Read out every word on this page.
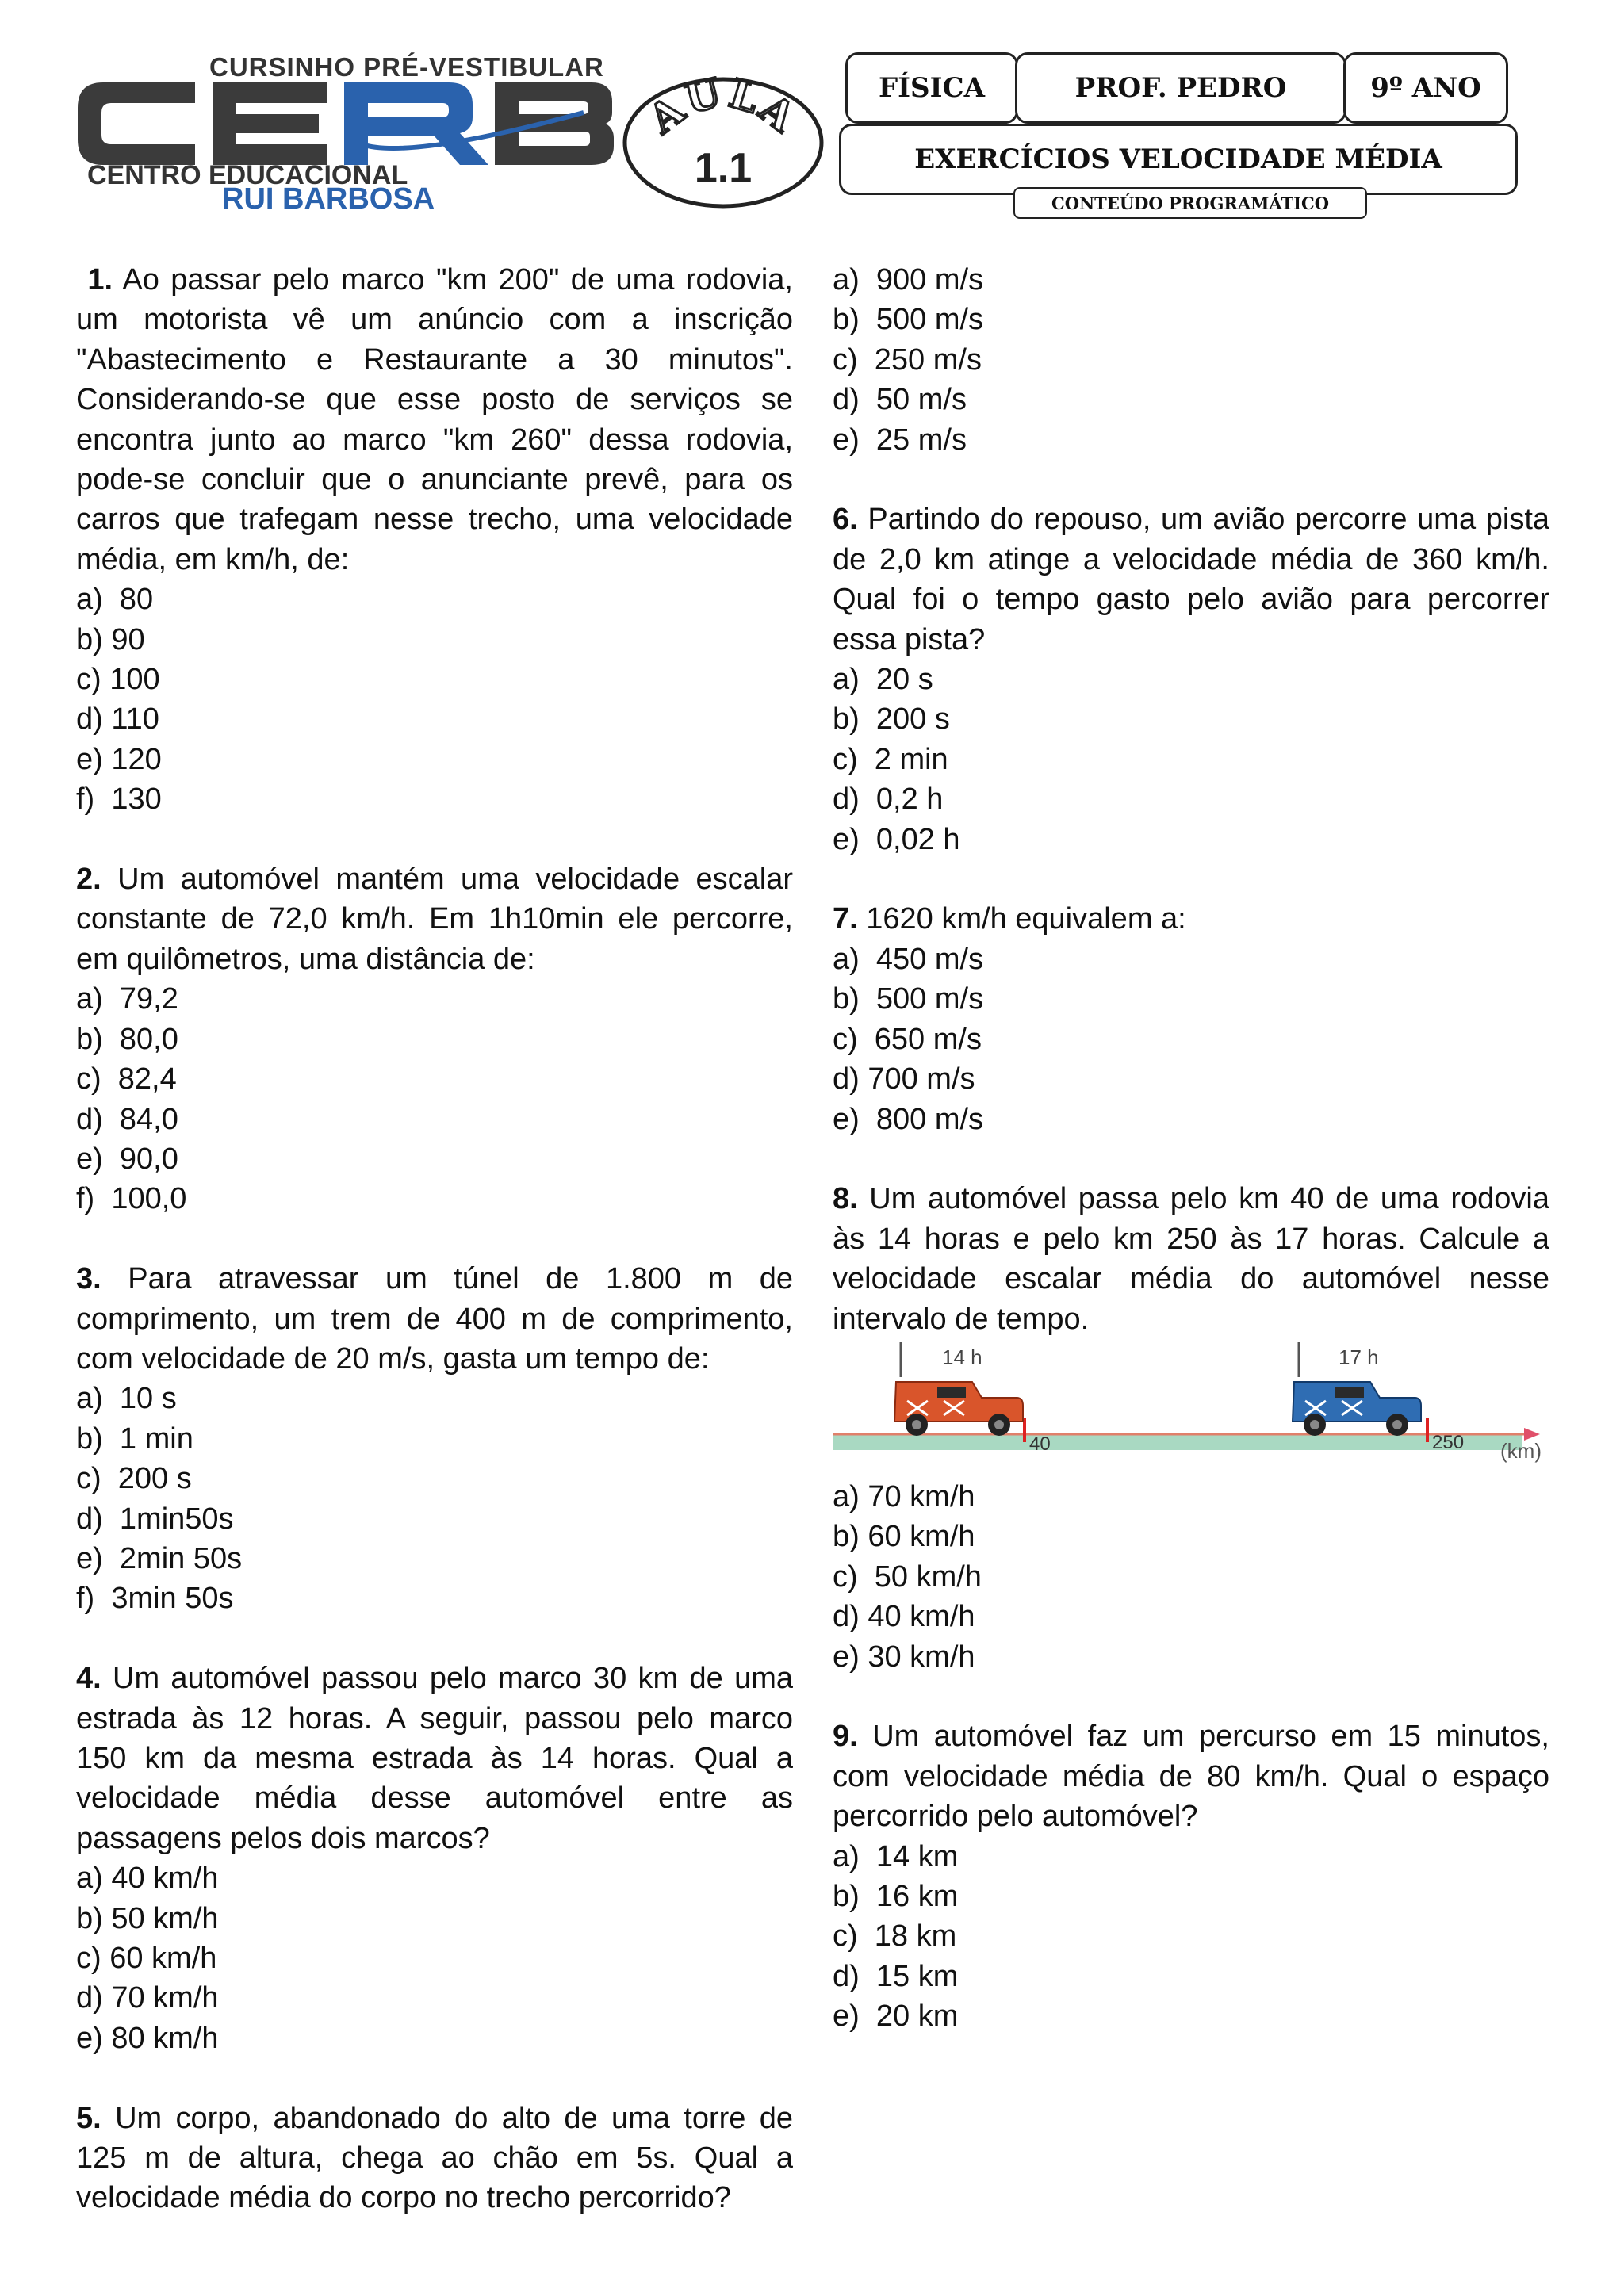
CURSINHO PRÉ-VESTIBULAR
CENTRO EDUCACIONAL
RUI BARBOSA
AULA
1.1	EXERCÍCIOS VELOCIDADE MÉDIA
FÍSICA	PROF. PEDRO	9º ANO
CONTEÚDO PROGRAMÁTICO

1. Ao passar pelo marco "km 200" de uma rodovia, um motorista vê um anúncio com a inscrição "Abastecimento e Restaurante a 30 minutos". Considerando-se que esse posto de serviços se encontra junto ao marco "km 260" dessa rodovia, pode-se concluir que o anunciante prevê, para os carros que trafegam nesse trecho, uma velocidade média, em km/h, de:

a)  80

b) 90

c) 100

d) 110

e) 120

f)  130

2. Um automóvel mantém uma velocidade escalar constante de 72,0 km/h. Em 1h10min ele percorre, em quilômetros, uma distância de:

a)  79,2

b)  80,0

c)  82,4

d)  84,0

e)  90,0

f)  100,0

3. Para atravessar um túnel de 1.800 m de comprimento, um trem de 400 m de comprimento, com velocidade de 20 m/s, gasta um tempo de:

a)  10 s

b)  1 min

c)  200 s

d)  1min50s

e)  2min 50s

f)  3min 50s

4. Um automóvel passou pelo marco 30 km de uma estrada às 12 horas. A seguir, passou pelo marco 150 km da mesma estrada às 14 horas. Qual a velocidade média desse automóvel entre as passagens pelos dois marcos?

a) 40 km/h

b) 50 km/h

c) 60 km/h

d) 70 km/h

e) 80 km/h

5. Um corpo, abandonado do alto de uma torre de 125 m de altura, chega ao chão em 5s. Qual a velocidade média do corpo no trecho percorrido?

a)  900 m/s

b)  500 m/s

c)  250 m/s

d)  50 m/s

e)  25 m/s

6. Partindo do repouso, um avião percorre uma pista de 2,0 km atinge a velocidade média de 360 km/h. Qual foi o tempo gasto pelo avião para percorrer essa pista?

a)  20 s

b)  200 s

c)  2 min

d)  0,2 h

e)  0,02 h

7. 1620 km/h equivalem a:

a)  450 m/s

b)  500 m/s

c)  650 m/s

d) 700 m/s

e)  800 m/s

8. Um automóvel passa pelo km 40 de uma rodovia às 14 horas e pelo km 250 às 17 horas. Calcule a velocidade escalar média do automóvel nesse intervalo de tempo.

40	250 (km)
14 h	17 h

a) 70 km/h

b) 60 km/h

c)  50 km/h

d) 40 km/h

e) 30 km/h

9. Um automóvel faz um percurso em 15 minutos, com velocidade média de 80 km/h. Qual o espaço percorrido pelo automóvel?

a)  14 km

b)  16 km

c)  18 km

d)  15 km

e)  20 km
